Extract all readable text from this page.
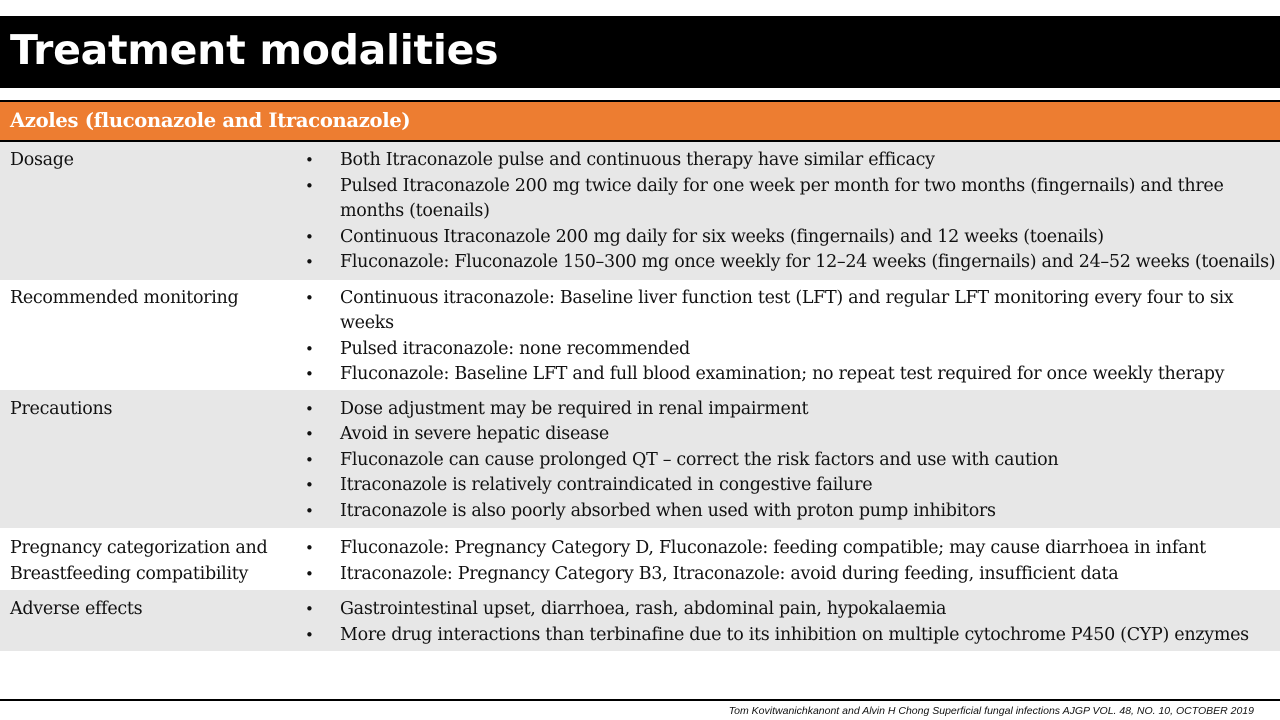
Treatment modalities
Azoles (fluconazole and Itraconazole)
Dosage	• Both Itraconazole pulse and continuous therapy have similar efficacy
• Pulsed Itraconazole 200 mg twice daily for one week per month for two months (fingernails) and three months (toenails)
• Continuous Itraconazole 200 mg daily for six weeks (fingernails) and 12 weeks (toenails)
• Fluconazole: Fluconazole 150–300 mg once weekly for 12–24 weeks (fingernails) and 24–52 weeks (toenails)
Recommended monitoring	• Continuous itraconazole: Baseline liver function test (LFT) and regular LFT monitoring every four to six weeks
• Pulsed itraconazole: none recommended
• Fluconazole: Baseline LFT and full blood examination; no repeat test required for once weekly therapy
Precautions	• Dose adjustment may be required in renal impairment
• Avoid in severe hepatic disease
• Fluconazole can cause prolonged QT – correct the risk factors and use with caution
• Itraconazole is relatively contraindicated in congestive failure
• Itraconazole is also poorly absorbed when used with proton pump inhibitors
Pregnancy categorization and Breastfeeding compatibility
• Fluconazole: Pregnancy Category D, Fluconazole: feeding compatible; may cause diarrhoea in infant
• Itraconazole: Pregnancy Category B3, Itraconazole: avoid during feeding, insufficient data
Adverse effects	• Gastrointestinal upset, diarrhoea, rash, abdominal pain, hypokalaemia
• More drug interactions than terbinafine due to its inhibition on multiple cytochrome P450 (CYP) enzymes
Tom Kovitwanichkanont and Alvin H Chong Superficial fungal infections AJGP VOL. 48, NO. 10, OCTOBER 2019
